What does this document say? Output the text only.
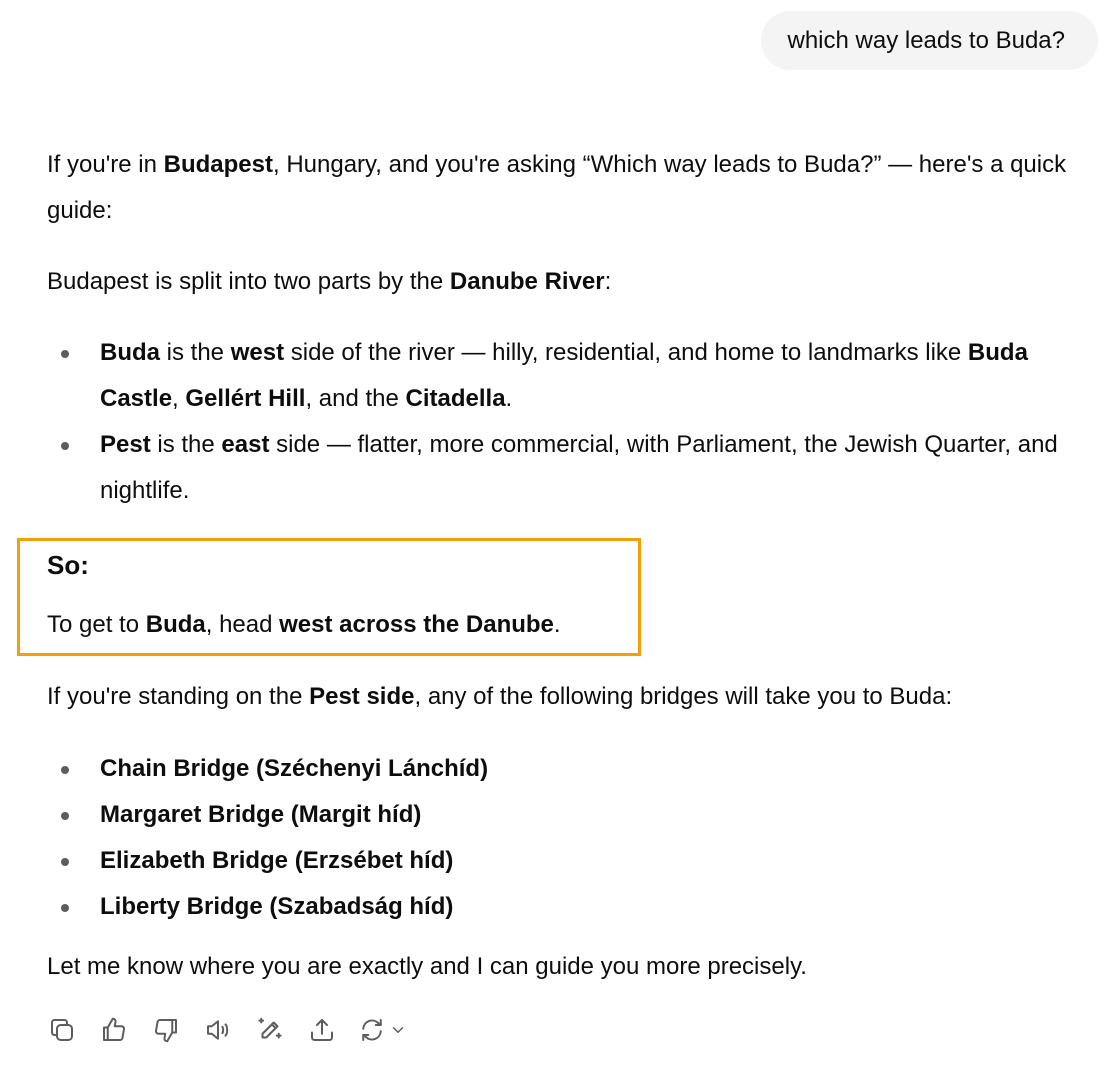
which way leads to Buda?

If you're in Budapest, Hungary, and you're asking “Which way leads to Buda?” — here's a quick guide:

Budapest is split into two parts by the Danube River:

Buda is the west side of the river — hilly, residential, and home to landmarks like Buda Castle, Gellért Hill, and the Citadella.
Pest is the east side — flatter, more commercial, with Parliament, the Jewish Quarter, and nightlife.

So:

To get to Buda, head west across the Danube.

If you're standing on the Pest side, any of the following bridges will take you to Buda:

Chain Bridge (Széchenyi Lánchíd)
Margaret Bridge (Margit híd)
Elizabeth Bridge (Erzsébet híd)
Liberty Bridge (Szabadság híd)

Let me know where you are exactly and I can guide you more precisely.
